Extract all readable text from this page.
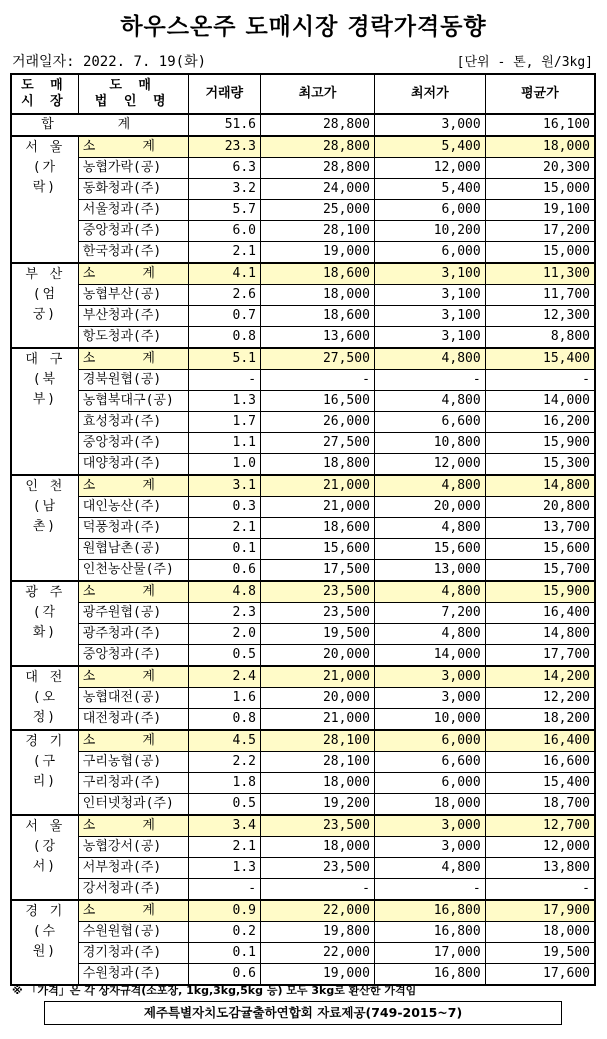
하우스온주 도매시장 경락가격동향
거래일자: 2022. 7. 19(화)	[단위 - 톤, 원/3kg]
도 매
시 장	도 매
법 인 명	거래량	최고가	최저가	평균가
합 계		51.6	28,800	3,000	16,100
서 울
(가 락)	소      계	23.3	28,800	5,400	18,000
	농협가락(공)	6.3	28,800	12,000	20,300
	동화청과(주)	3.2	24,000	5,400	15,000
	서울청과(주)	5.7	25,000	6,000	19,100
	중앙청과(주)	6.0	28,100	10,200	17,200
	한국청과(주)	2.1	19,000	6,000	15,000
부 산
(엄 궁)	소      계	4.1	18,600	3,100	11,300
	농협부산(공)	2.6	18,000	3,100	11,700
	부산청과(주)	0.7	18,600	3,100	12,300
	항도청과(주)	0.8	13,600	3,100	8,800
대 구
(북 부)	소      계	5.1	27,500	4,800	15,400
	경북원협(공)	-	-	-	-
	농협북대구(공)	1.3	16,500	4,800	14,000
	효성청과(주)	1.7	26,000	6,600	16,200
	중앙청과(주)	1.1	27,500	10,800	15,900
	대양청과(주)	1.0	18,800	12,000	15,300
인 천
(남 촌)	소      계	3.1	21,000	4,800	14,800
	대인농산(주)	0.3	21,000	20,000	20,800
	덕풍청과(주)	2.1	18,600	4,800	13,700
	원협남촌(공)	0.1	15,600	15,600	15,600
	인천농산물(주)	0.6	17,500	13,000	15,700
광 주
(각 화)	소      계	4.8	23,500	4,800	15,900
	광주원협(공)	2.3	23,500	7,200	16,400
	광주청과(주)	2.0	19,500	4,800	14,800
	중앙청과(주)	0.5	20,000	14,000	17,700
대 전
(오 정)	소      계	2.4	21,000	3,000	14,200
	농협대전(공)	1.6	20,000	3,000	12,200
	대전청과(주)	0.8	21,000	10,000	18,200
경 기
(구 리)	소      계	4.5	28,100	6,000	16,400
	구리농협(공)	2.2	28,100	6,600	16,600
	구리청과(주)	1.8	18,000	6,000	15,400
	인터넷청과(주)	0.5	19,200	18,000	18,700
서 울
(강 서)	소      계	3.4	23,500	3,000	12,700
	농협강서(공)	2.1	18,000	3,000	12,000
	서부청과(주)	1.3	23,500	4,800	13,800
	강서청과(주)	-	-	-	-
경 기
(수 원)	소      계	0.9	22,000	16,800	17,900
	수원원협(공)	0.2	19,800	16,800	18,000
	경기청과(주)	0.1	22,000	17,000	19,500
	수원청과(주)	0.6	19,000	16,800	17,600
※ 「가격」은 각 상자규격(소포장, 1kg,3kg,5kg 등) 모두 3kg로 환산한 가격임
제주특별자치도감귤출하연합회 자료제공(749-2015~7)
